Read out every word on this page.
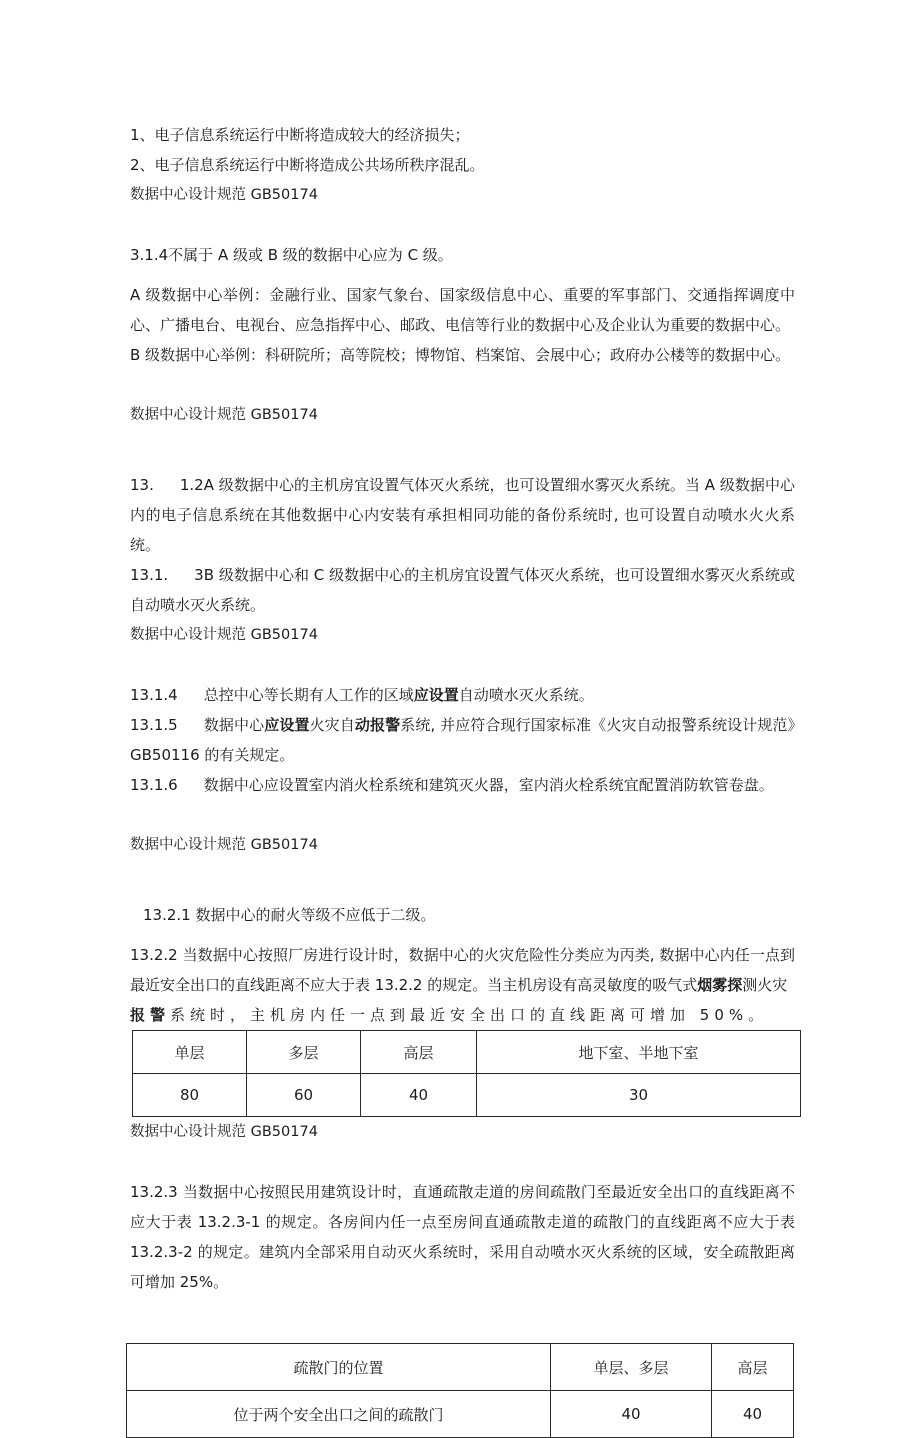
1、电子信息系统运行中断将造成较大的经济损失；

2、电子信息系统运行中断将造成公共场所秩序混乱。

数据中心设计规范 GB50174

3.1.4不属于 A 级或 B 级的数据中心应为 C 级。

A 级数据中心举例：金融行业、国家气象台、国家级信息中心、重要的军事部门、交通指挥调度中心、广播电台、电视台、应急指挥中心、邮政、电信等行业的数据中心及企业认为重要的数据中心。

B 级数据中心举例：科研院所；高等院校；博物馆、档案馆、会展中心；政府办公楼等的数据中心。

数据中心设计规范 GB50174

13. 1.2A 级数据中心的主机房宜设置气体灭火系统，也可设置细水雾灭火系统。当 A 级数据中心内的电子信息系统在其他数据中心内安装有承担相同功能的备份系统时, 也可设置自动喷水火火系统。

13.1. 3B 级数据中心和 C 级数据中心的主机房宜设置气体灭火系统，也可设置细水雾灭火系统或自动喷水灭火系统。

数据中心设计规范 GB50174

13.1.4 总控中心等长期有人工作的区域应设置自动喷水灭火系统。

13.1.5 数据中心应设置火灾自动报警系统, 并应符合现行国家标准《火灾自动报警系统设计规范》GB50116 的有关规定。

13.1.6 数据中心应设置室内消火栓系统和建筑灭火器，室内消火栓系统宜配置消防软管卷盘。

数据中心设计规范 GB50174

13.2.1 数据中心的耐火等级不应低于二级。

13.2.2 当数据中心按照厂房进行设计时，数据中心的火灾危险性分类应为丙类, 数据中心内任一点到最近安全出口的直线距离不应大于表 13.2.2 的规定。当主机房设有高灵敏度的吸气式烟雾探测火灾

报警系统时，主机房内任一点到最近安全出口的直线距离可增加 50%。

单层	多层	高层	地下室、半地下室
80	60	40	30

数据中心设计规范 GB50174

13.2.3 当数据中心按照民用建筑设计时，直通疏散走道的房间疏散门至最近安全出口的直线距离不应大于表 13.2.3-1 的规定。各房间内任一点至房间直通疏散走道的疏散门的直线距离不应大于表 13.2.3-2 的规定。建筑内全部采用自动灭火系统时，采用自动喷水灭火系统的区域，安全疏散距离可增加 25%。

疏散门的位置	单层、多层	高层
位于两个安全出口之间的疏散门	40	40
